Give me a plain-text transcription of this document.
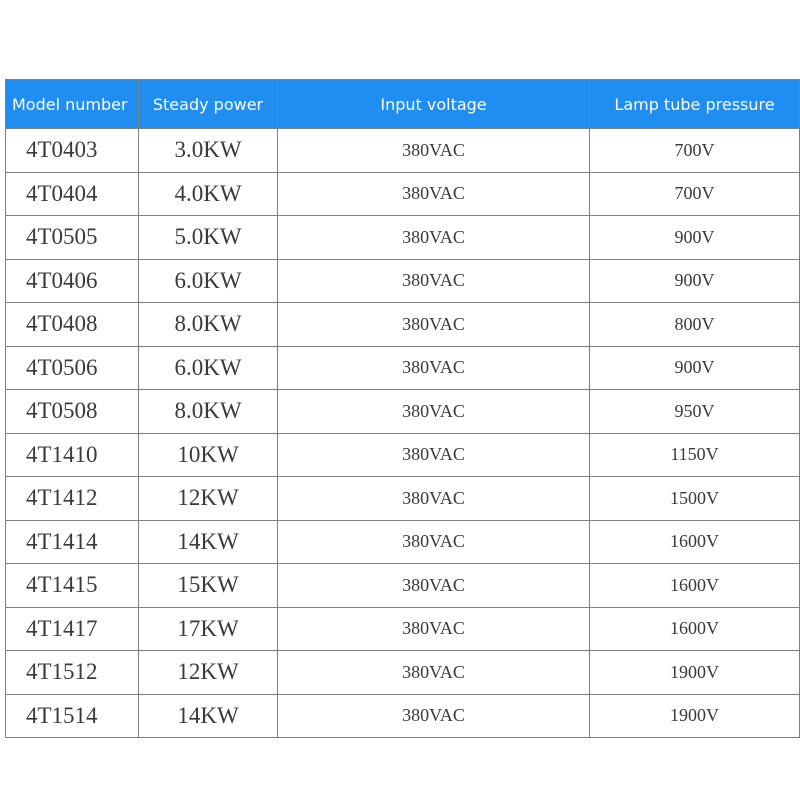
Model number	Steady power	Input voltage	Lamp tube pressure
4T0403	3.0KW	380VAC	700V
4T0404	4.0KW	380VAC	700V
4T0505	5.0KW	380VAC	900V
4T0406	6.0KW	380VAC	900V
4T0408	8.0KW	380VAC	800V
4T0506	6.0KW	380VAC	900V
4T0508	8.0KW	380VAC	950V
4T1410	10KW	380VAC	1150V
4T1412	12KW	380VAC	1500V
4T1414	14KW	380VAC	1600V
4T1415	15KW	380VAC	1600V
4T1417	17KW	380VAC	1600V
4T1512	12KW	380VAC	1900V
4T1514	14KW	380VAC	1900V
